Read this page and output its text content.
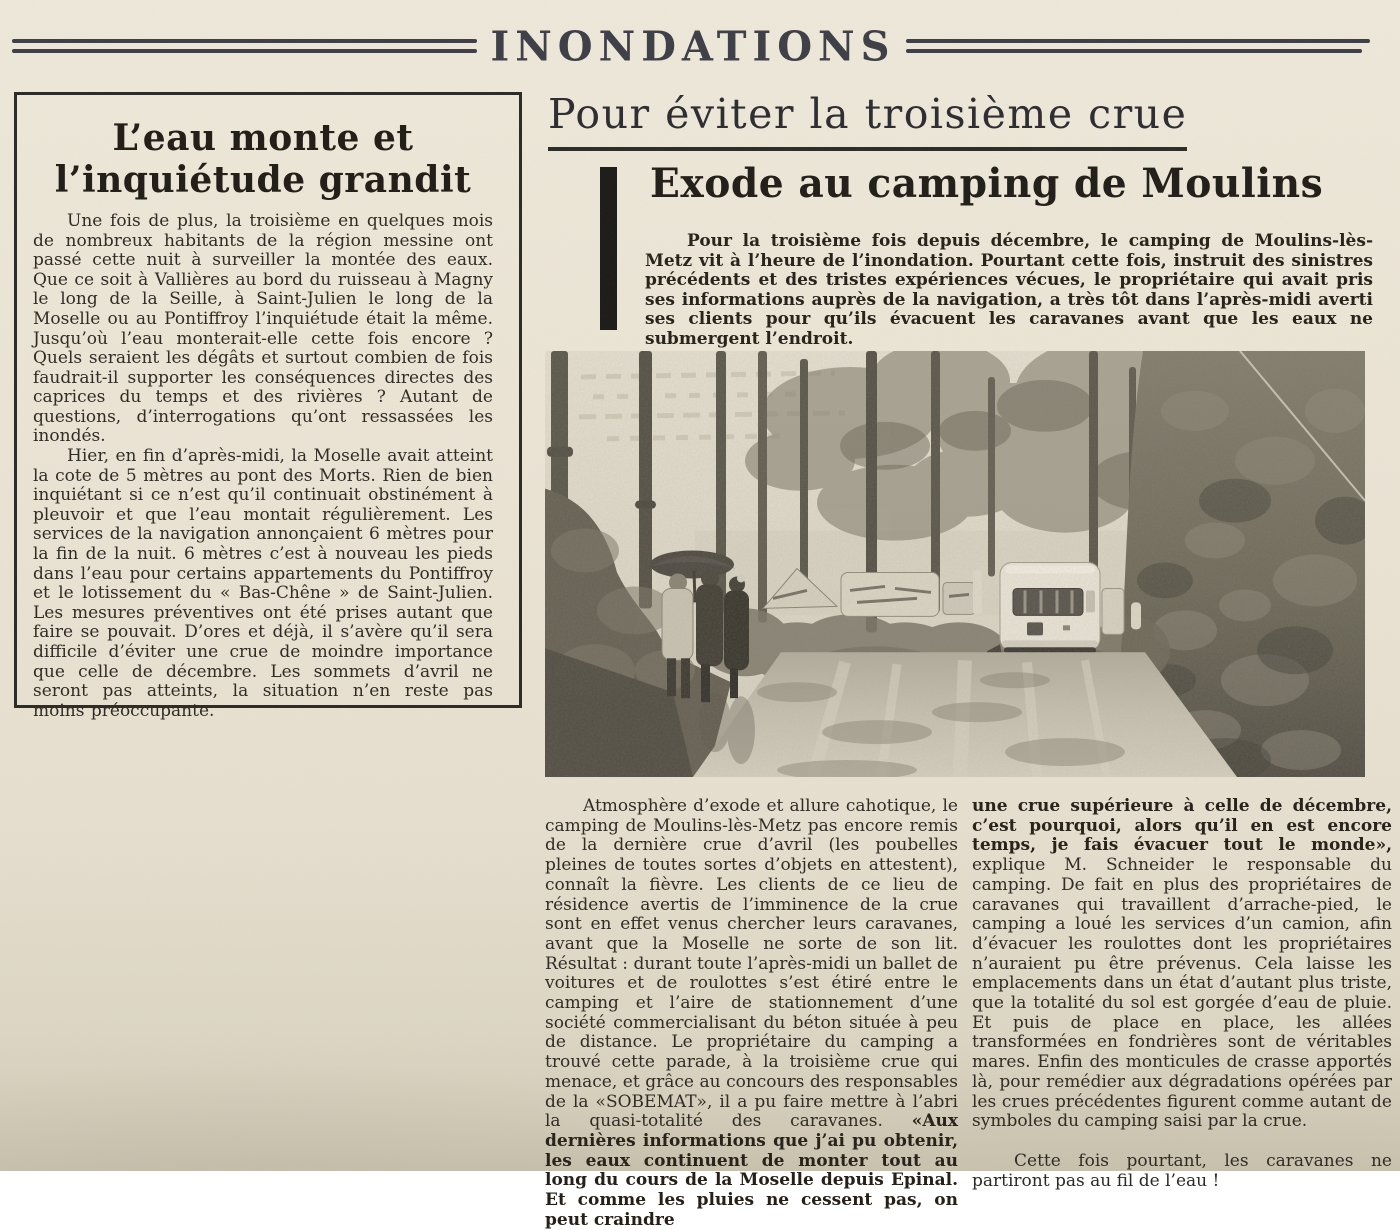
INONDATIONS
L’eau monte et
l’inquiétude grandit

Une fois de plus, la troisième en quelques mois de nombreux habitants de la région messine ont passé cette nuit à surveiller la montée des eaux. Que ce soit à Vallières au bord du ruisseau à Magny le long de la Seille, à Saint-Julien le long de la Moselle ou au Pontiffroy l’inquiétude était la même. Jusqu’où l’eau monterait-elle cette fois encore ? Quels seraient les dégâts et surtout combien de fois faudrait-il supporter les conséquences directes des caprices du temps et des rivières ? Autant de questions, d’interrogations qu’ont ressassées les inondés.

Hier, en fin d’après-midi, la Moselle avait atteint la cote de 5 mètres au pont des Morts. Rien de bien inquiétant si ce n’est qu’il continuait obstinément à pleuvoir et que l’eau montait régulièrement. Les services de la navigation annonçaient 6 mètres pour la fin de la nuit. 6 mètres c’est à nouveau les pieds dans l’eau pour certains appartements du Pontiffroy et le lotissement du « Bas-Chêne » de Saint-Julien. Les mesures préventives ont été prises autant que faire se pouvait. D’ores et déjà, il s’avère qu’il sera difficile d’éviter une crue de moindre importance que celle de décembre. Les sommets d’avril ne seront pas atteints, la situation n’en reste pas moins préoccupante.

Pour éviter la troisième crue
Exode au camping de Moulins

Pour la troisième fois depuis décembre, le camping de Moulins-lès-Metz vit à l’heure de l’inondation. Pourtant cette fois, instruit des sinistres précédents et des tristes expériences vécues, le propriétaire qui avait pris ses informations auprès de la navigation, a très tôt dans l’après-midi averti ses clients pour qu’ils évacuent les caravanes avant que les eaux ne submergent l’endroit.

Atmosphère d’exode et allure cahotique, le camping de Moulins-lès-Metz pas encore remis de la dernière crue d’avril (les poubelles pleines de toutes sortes d’objets en attestent), connaît la fièvre. Les clients de ce lieu de résidence avertis de l’imminence de la crue sont en effet venus chercher leurs caravanes, avant que la Moselle ne sorte de son lit. Résultat : durant toute l’après-midi un ballet de voitures et de roulottes s’est étiré entre le camping et l’aire de stationnement d’une société commercialisant du béton située à peu de distance. Le propriétaire du camping a trouvé cette parade, à la troisième crue qui menace, et grâce au concours des responsables de la «SOBEMAT», il a pu faire mettre à l’abri la quasi-totalité des caravanes. «Aux dernières informations que j’ai pu obtenir, les eaux continuent de monter tout au long du cours de la Moselle depuis Epinal. Et comme les pluies ne cessent pas, on peut craindre

une crue supérieure à celle de décembre, c’est pourquoi, alors qu’il en est encore temps, je fais évacuer tout le monde», explique M. Schneider le responsable du camping. De fait en plus des propriétaires de caravanes qui travaillent d’arrache-pied, le camping a loué les services d’un camion, afin d’évacuer les roulottes dont les propriétaires n’auraient pu être prévenus. Cela laisse les emplacements dans un état d’autant plus triste, que la totalité du sol est gorgée d’eau de pluie. Et puis de place en place, les allées transformées en fondrières sont de véritables mares. Enfin des monticules de crasse apportés là, pour remédier aux dégradations opérées par les crues précédentes figurent comme autant de symboles du camping saisi par la crue.

Cette fois pourtant, les caravanes ne partiront pas au fil de l’eau !
